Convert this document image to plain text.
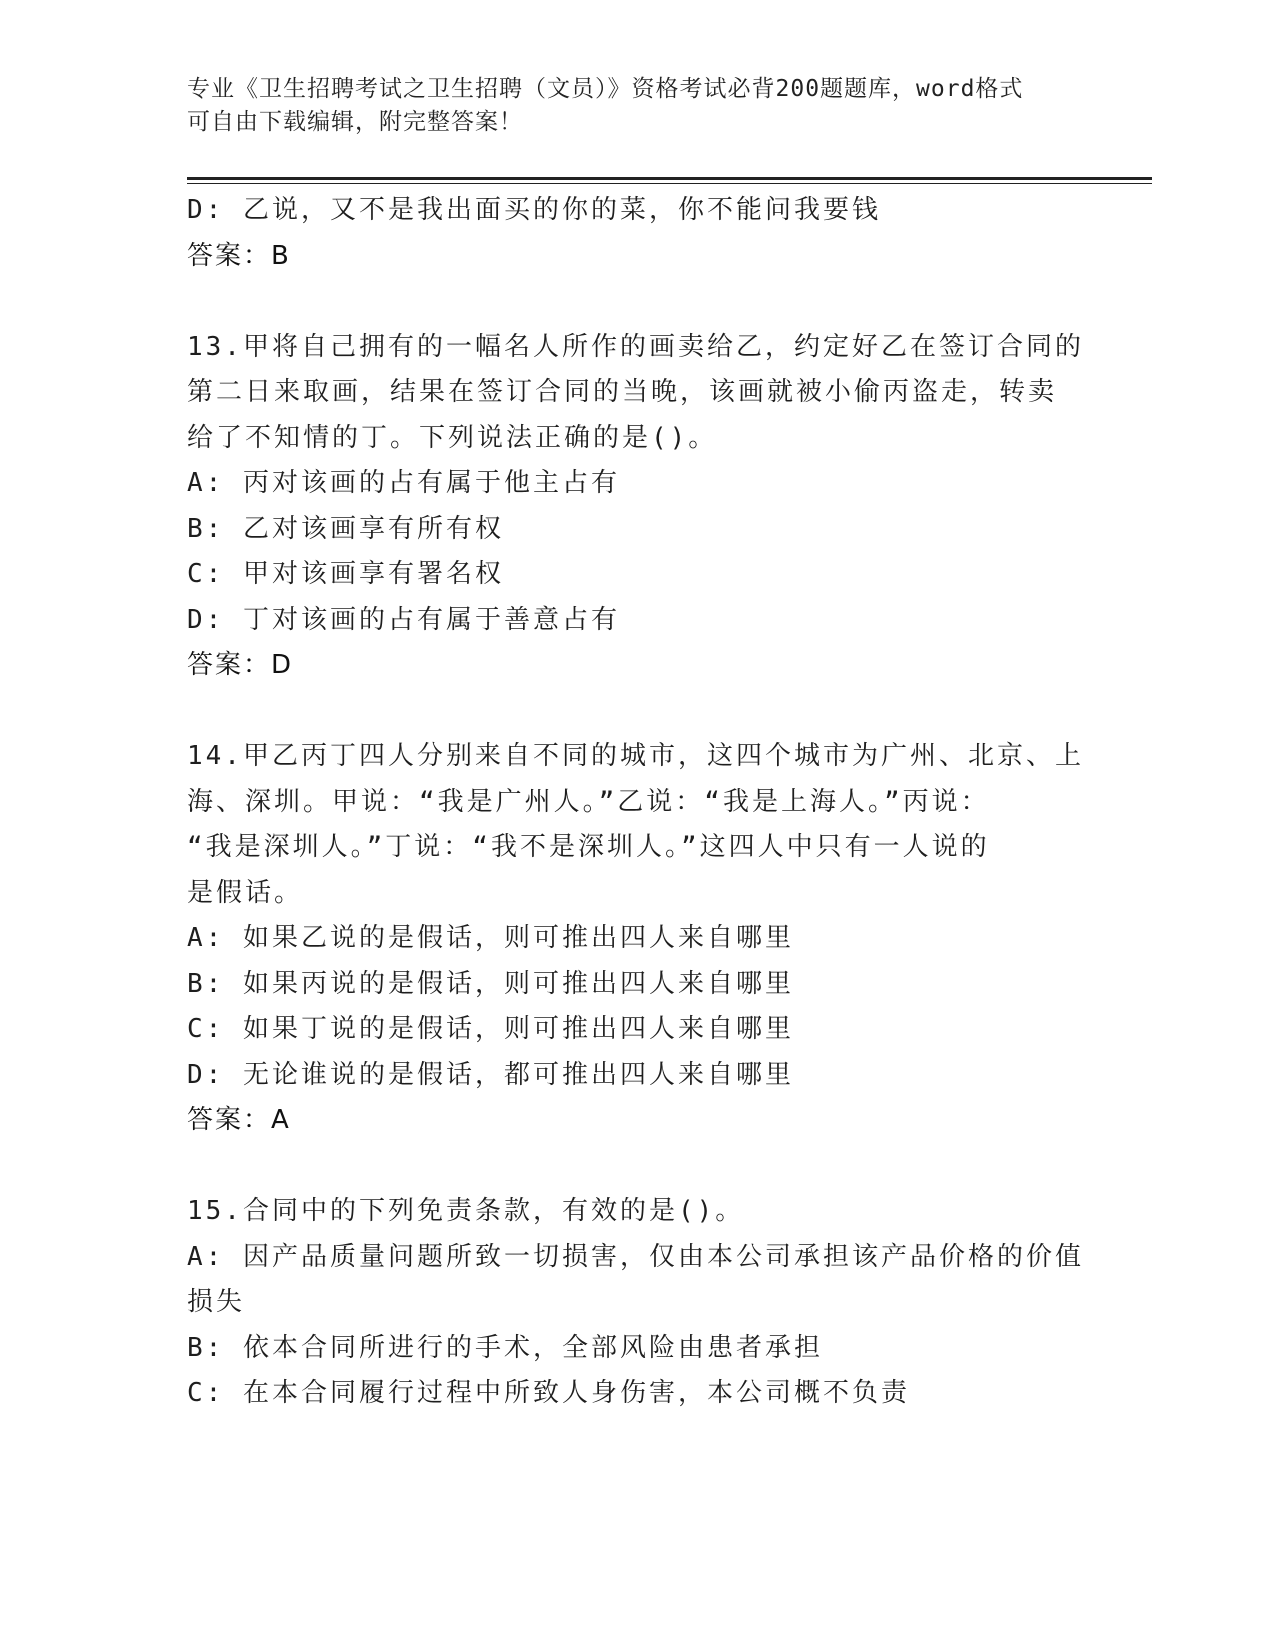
专业《卫生招聘考试之卫生招聘（文员）》资格考试必背200题题库，word格式
可自由下载编辑，附完整答案！
D: 乙说，又不是我出面买的你的菜，你不能问我要钱
答案：B
13.甲将自己拥有的一幅名人所作的画卖给乙，约定好乙在签订合同的
第二日来取画，结果在签订合同的当晚，该画就被小偷丙盗走，转卖
给了不知情的丁。下列说法正确的是()。
A: 丙对该画的占有属于他主占有
B: 乙对该画享有所有权
C: 甲对该画享有署名权
D: 丁对该画的占有属于善意占有
答案：D
14.甲乙丙丁四人分别来自不同的城市，这四个城市为广州、北京、上
海、深圳。甲说：“我是广州人。”乙说：“我是上海人。”丙说：
“我是深圳人。”丁说：“我不是深圳人。”这四人中只有一人说的
是假话。
A: 如果乙说的是假话，则可推出四人来自哪里
B: 如果丙说的是假话，则可推出四人来自哪里
C: 如果丁说的是假话，则可推出四人来自哪里
D: 无论谁说的是假话，都可推出四人来自哪里
答案：A
15.合同中的下列免责条款，有效的是()。
A: 因产品质量问题所致一切损害，仅由本公司承担该产品价格的价值
损失
B: 依本合同所进行的手术，全部风险由患者承担
C: 在本合同履行过程中所致人身伤害，本公司概不负责
